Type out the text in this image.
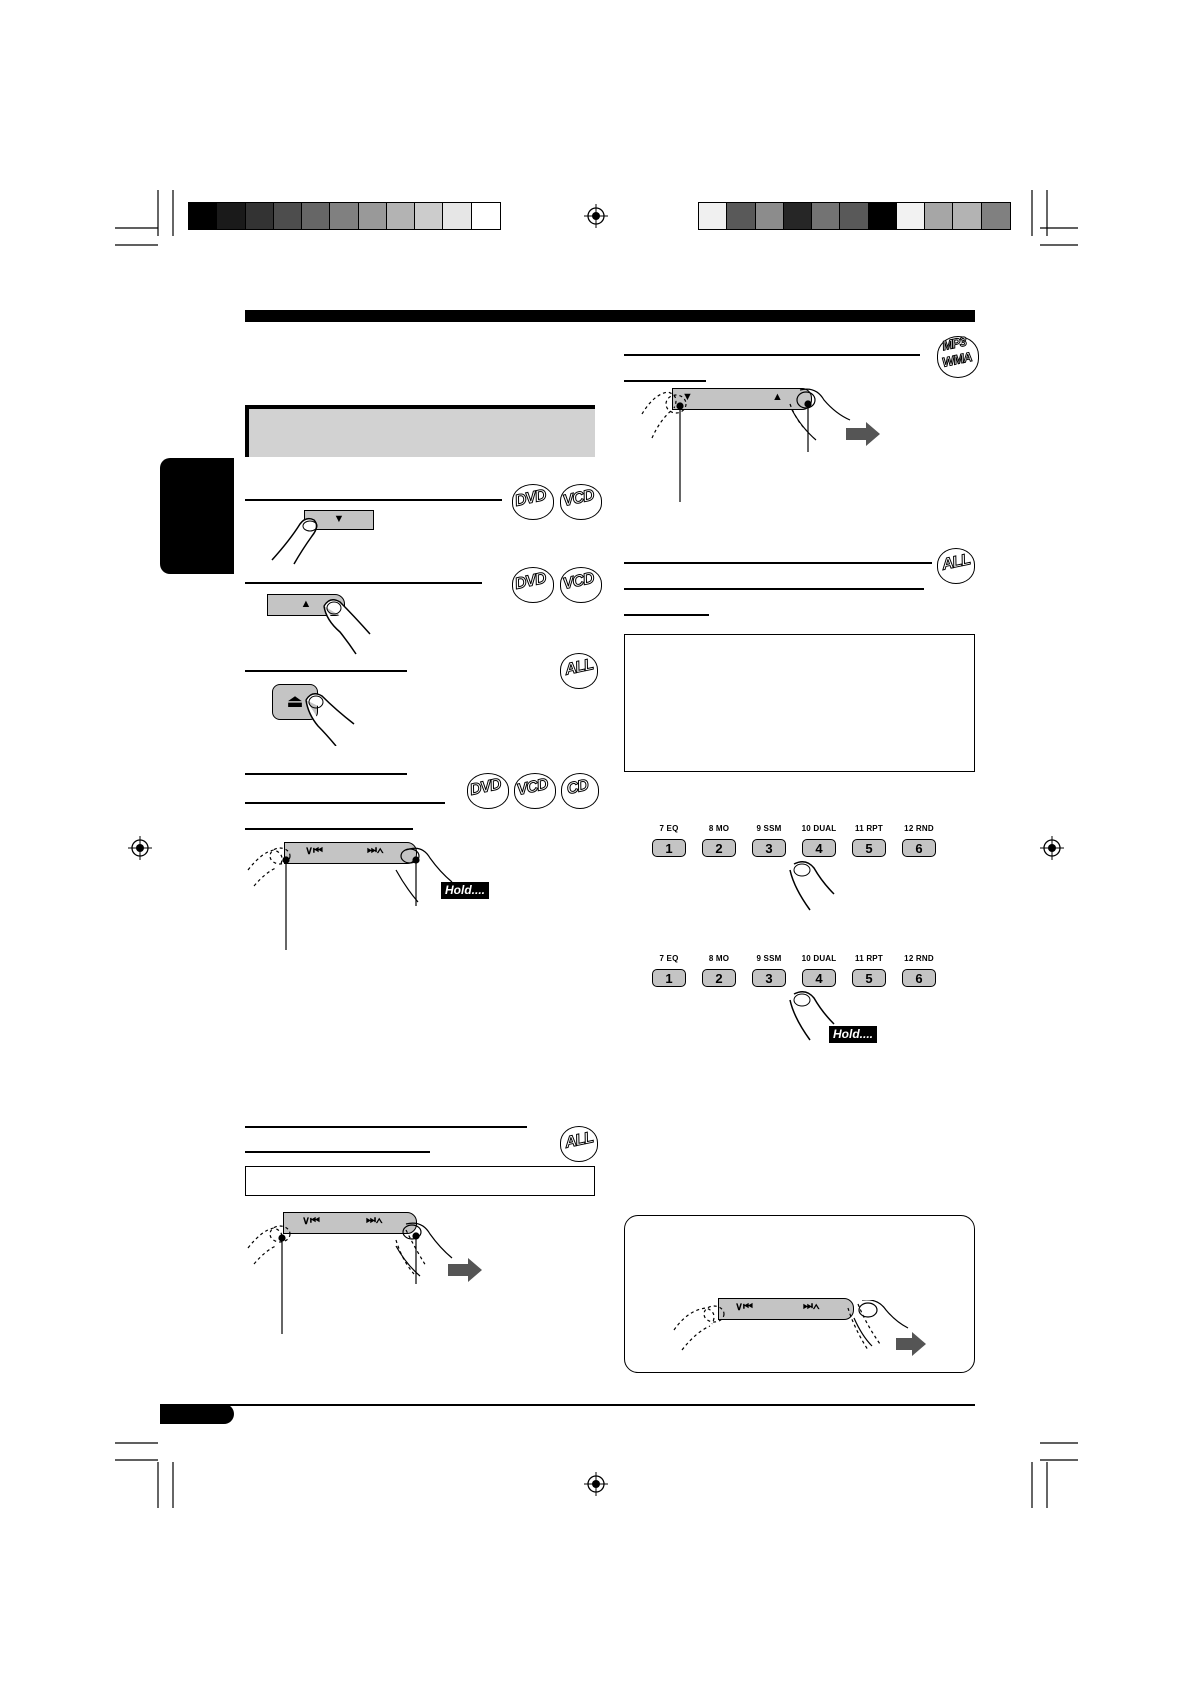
DVD VCD
DVD VCD
ALL
DVD VCD CD
ALL
MP3
WMA
ALL
▼
▲
⏏
∨⏮	⏭∧
Hold....
∨⏮	⏭∧
▼	▲
7 EQ
1
8 MO
2
9 SSM
3
10 DUAL
4
11 RPT
5
12 RND
6
7 EQ
1
8 MO
2
9 SSM
3
10 DUAL
4
11 RPT
5
12 RND
6
Hold....
∨⏮	⏭∧
